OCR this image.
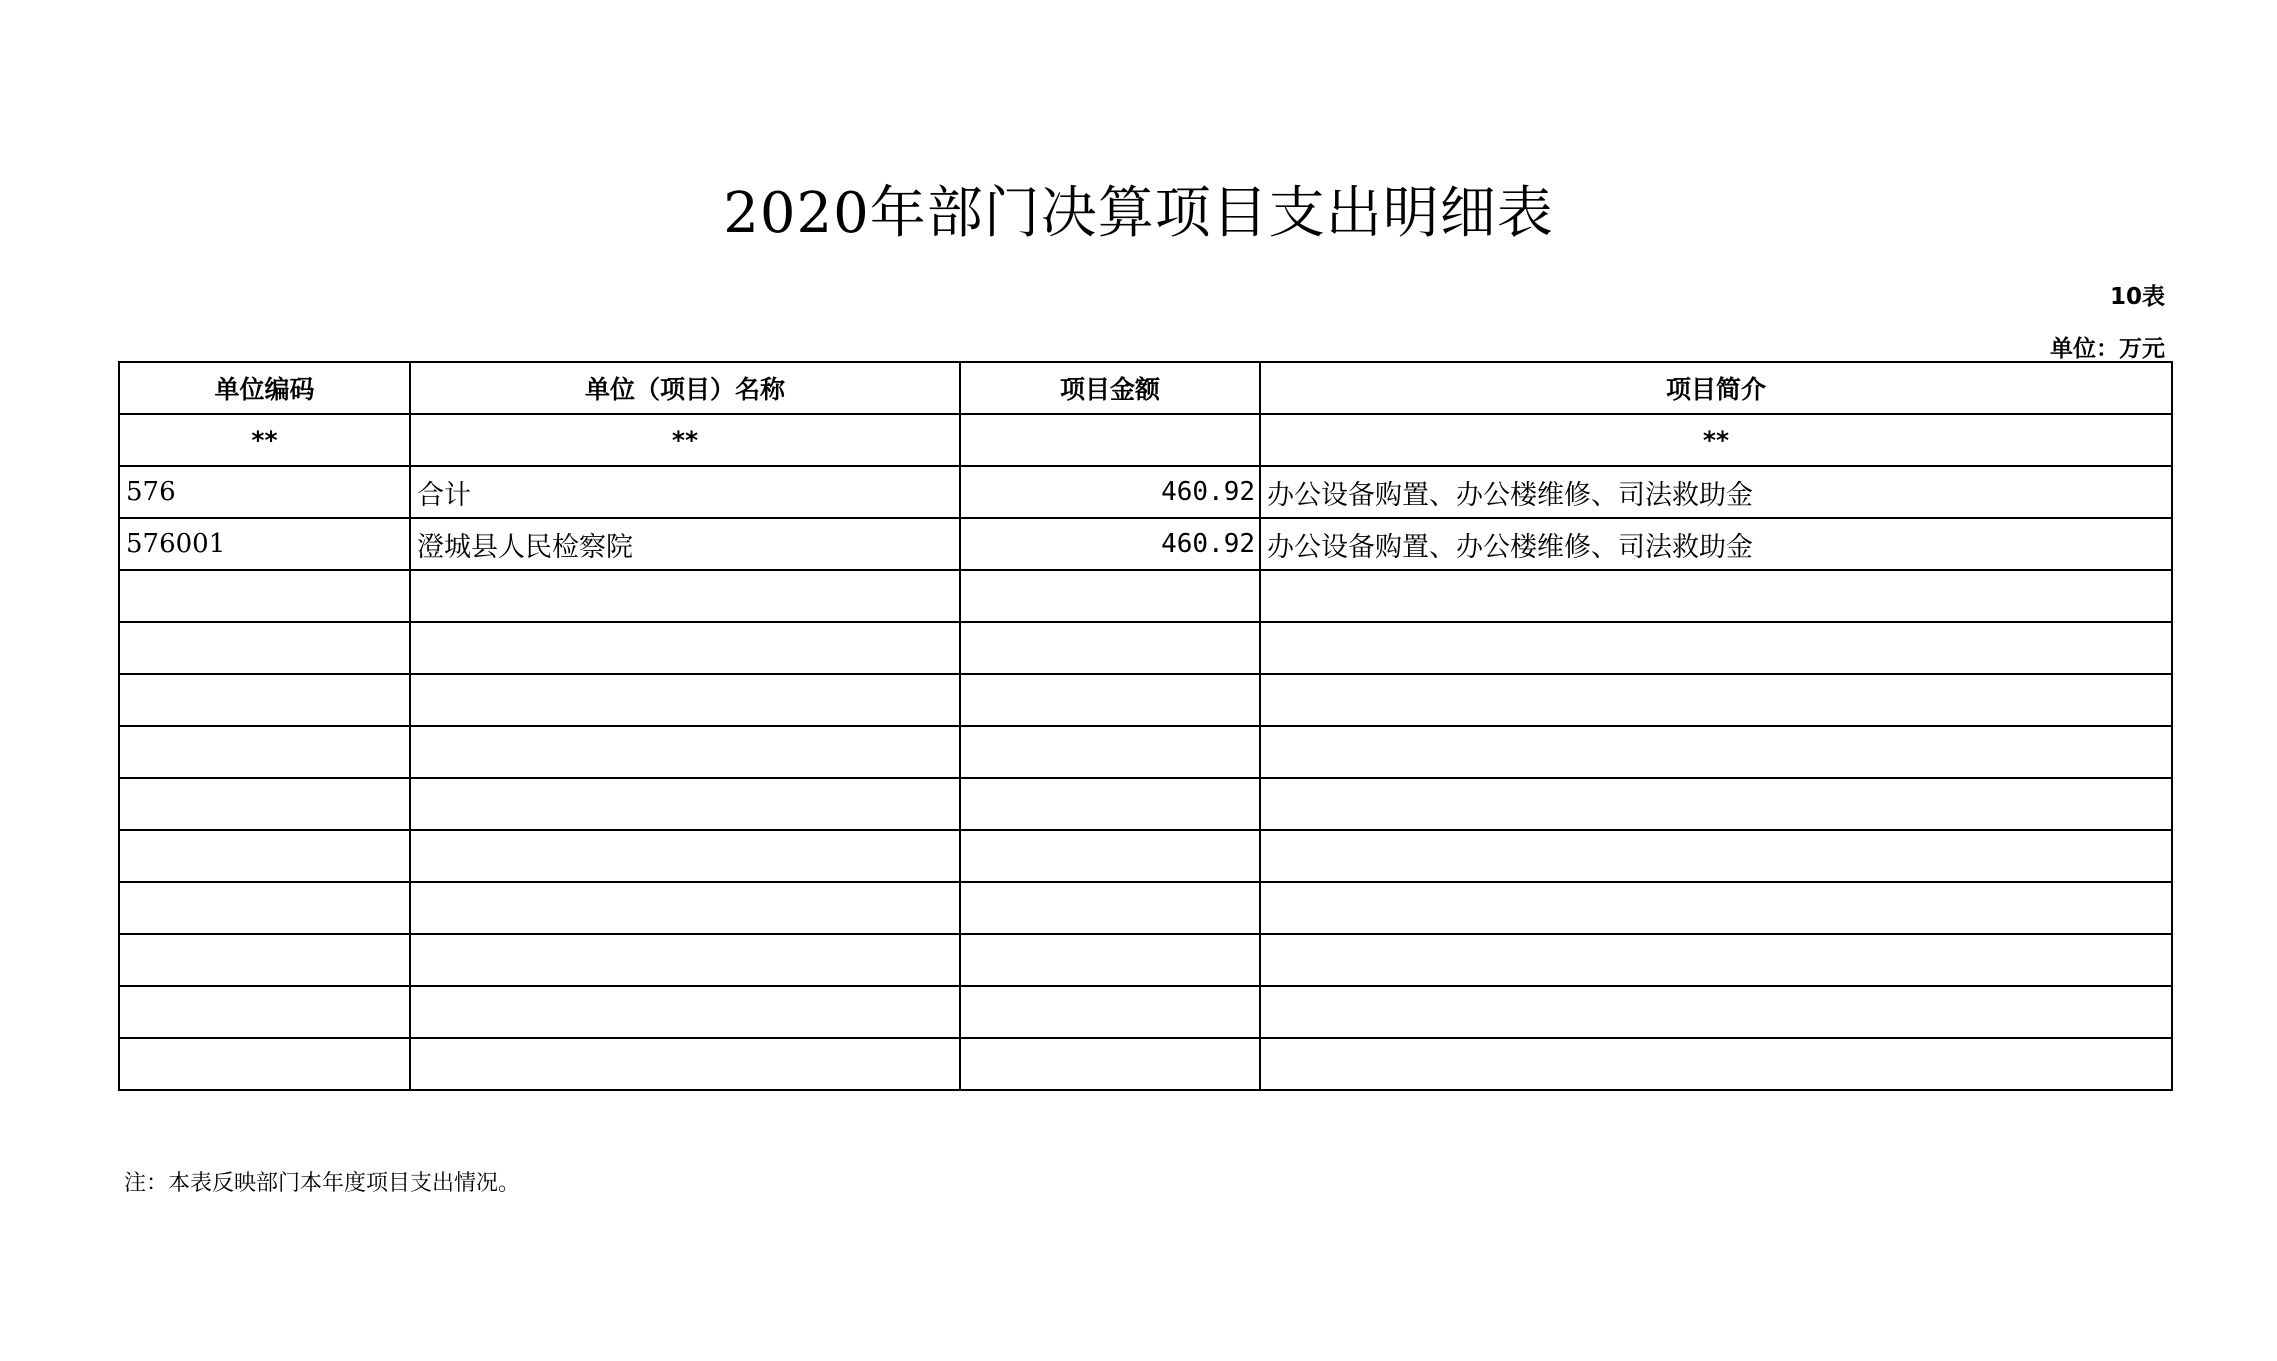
2020年部门决算项目支出明细表
10表
单位：万元
单位编码	单位（项目）名称	项目金额	项目简介
**	**		**
576	合计	460.92	办公设备购置、办公楼维修、司法救助金
576001	澄城县人民检察院	460.92	办公设备购置、办公楼维修、司法救助金

注：本表反映部门本年度项目支出情况。
